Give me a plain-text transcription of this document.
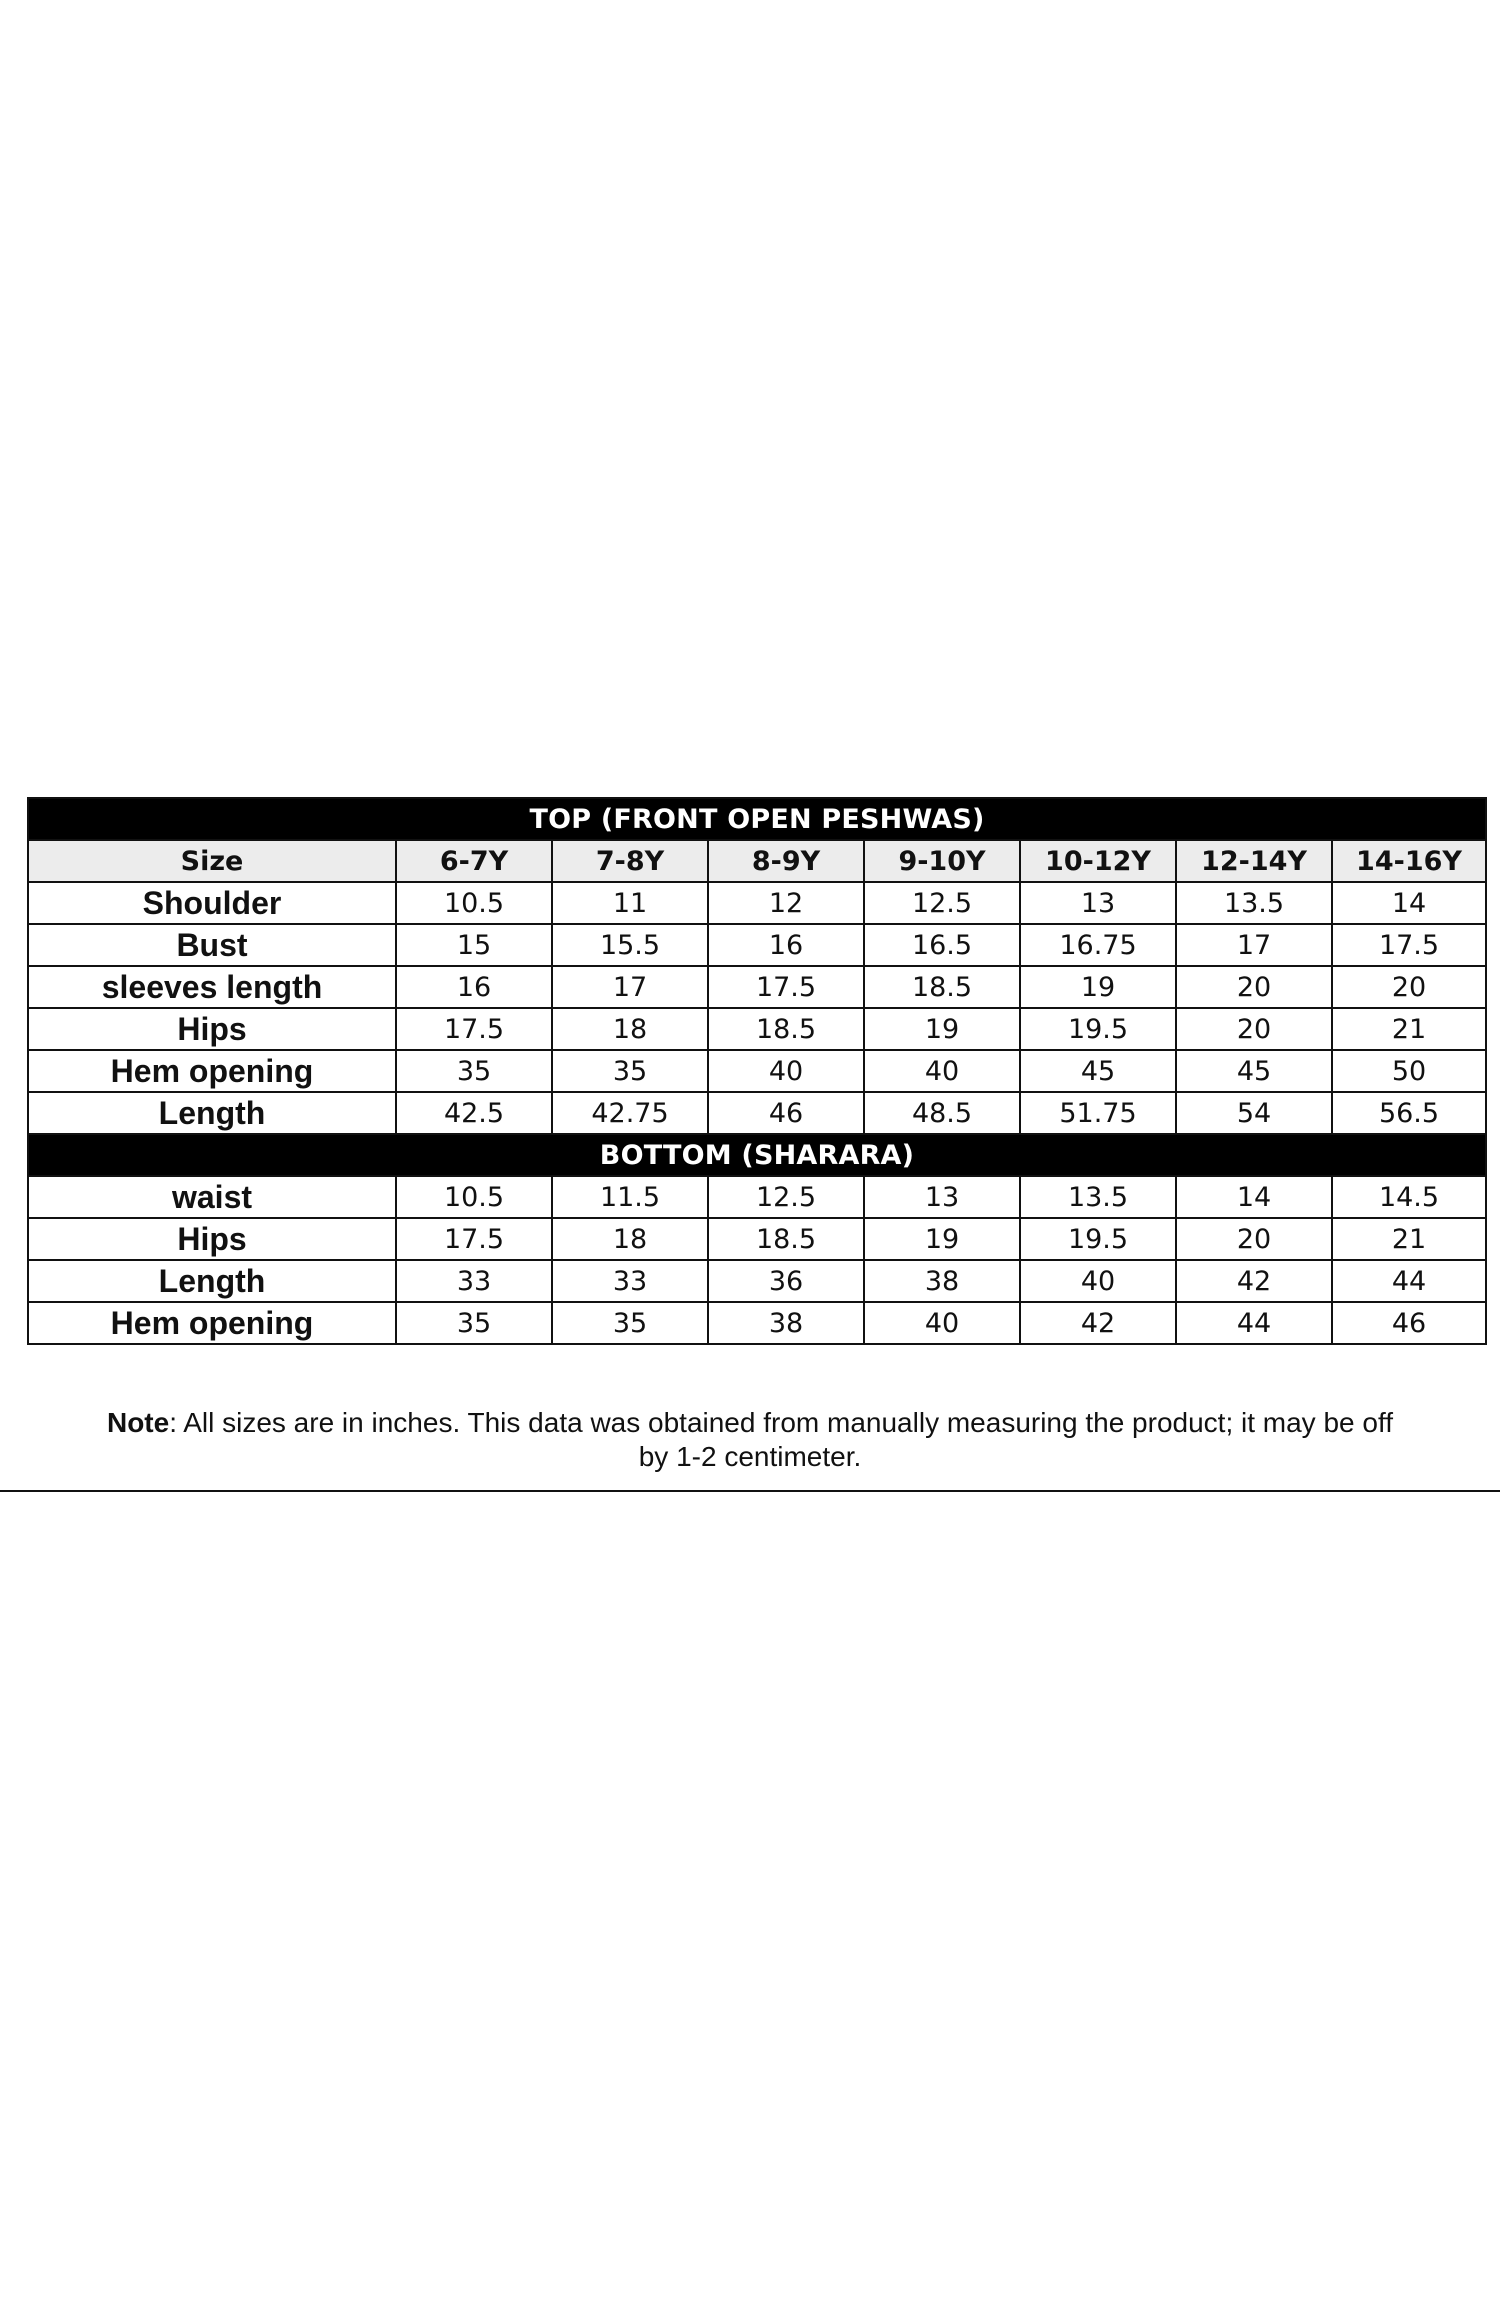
TOP (FRONT OPEN PESHWAS)							
Size	6-7Y	7-8Y	8-9Y	9-10Y	10-12Y	12-14Y	14-16Y
Shoulder	10.5	11	12	12.5	13	13.5	14
Bust	15	15.5	16	16.5	16.75	17	17.5
sleeves length	16	17	17.5	18.5	19	20	20
Hips	17.5	18	18.5	19	19.5	20	21
Hem opening	35	35	40	40	45	45	50
Length	42.5	42.75	46	48.5	51.75	54	56.5
BOTTOM (SHARARA)							
waist	10.5	11.5	12.5	13	13.5	14	14.5
Hips	17.5	18	18.5	19	19.5	20	21
Length	33	33	36	38	40	42	44
Hem opening	35	35	38	40	42	44	46
Note: All sizes are in inches. This data was obtained from manually measuring the product; it may be off by 1-2 centimeter.
